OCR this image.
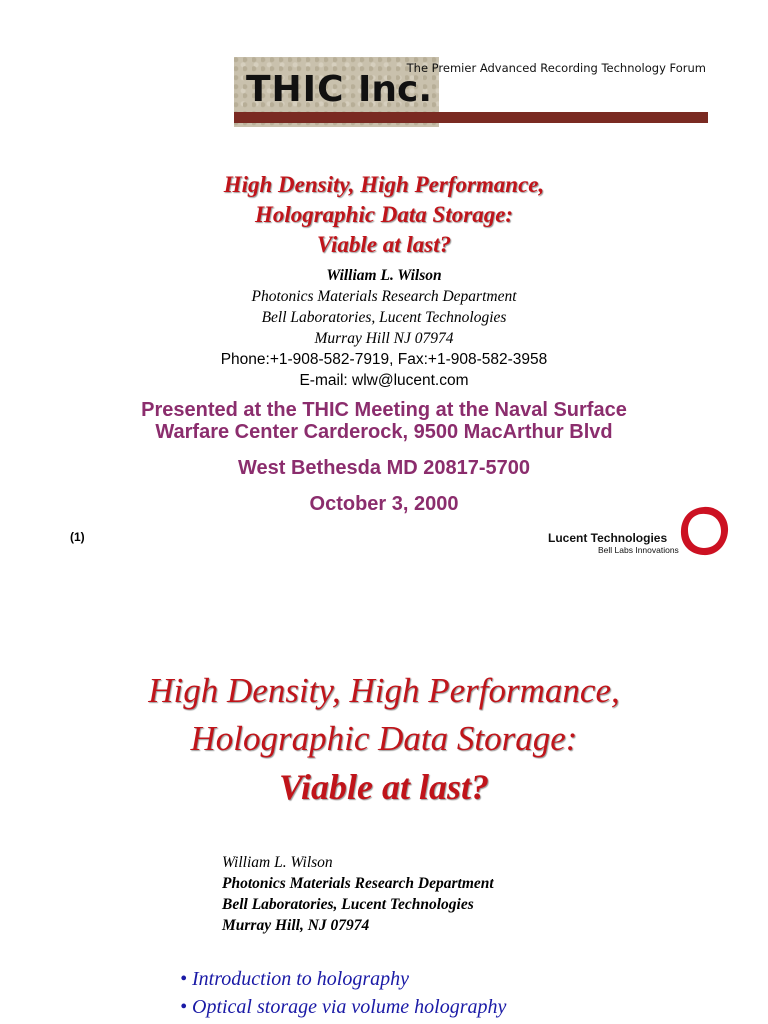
THIC Inc.
The Premier Advanced Recording Technology Forum
High Density, High Performance,
Holographic Data Storage:
Viable at last?
William L. Wilson
Photonics Materials Research Department
Bell Laboratories, Lucent Technologies
Murray Hill NJ 07974
Phone:+1-908-582-7919, Fax:+1-908-582-3958
E-mail: wlw@lucent.com
Presented at the THIC Meeting at the Naval Surface
Warfare Center Carderock, 9500 MacArthur Blvd
West Bethesda MD 20817-5700
October 3, 2000
(1)	Lucent Technologies
Bell Labs Innovations
High Density, High Performance,
Holographic Data Storage:
Viable at last?
William L. Wilson
Photonics Materials Research Department
Bell Laboratories, Lucent Technologies
Murray Hill, NJ 07974
• Introduction to holography
• Optical storage via volume holography
